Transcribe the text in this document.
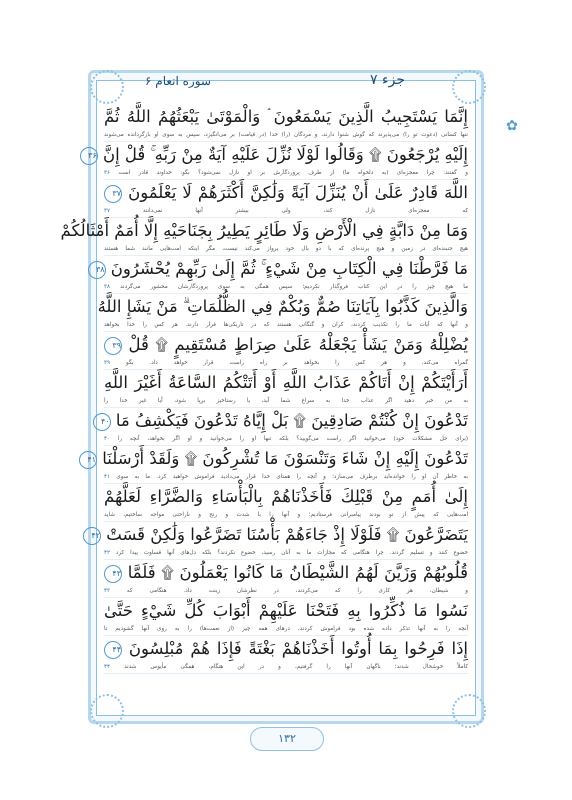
جزء ۷
سوره انعام ۶
✿
إِنَّمَا يَسْتَجِيبُ الَّذِينَ يَسْمَعُونَ ۘ وَالْمَوْتَىٰ يَبْعَثُهُمُ اللَّهُ ثُمَّ
تنها کسانی (دعوت تو را) می‌پذیرند که گوش شنوا دارند، و مردگان (را) خدا (در قیامت) بر می‌انگیزد، سپس به سوی او بازگردانده می‌شوند
إِلَيْهِ يُرْجَعُونَ ۩ وَقَالُوا لَوْلَا نُزِّلَ عَلَيْهِ آيَةٌ مِنْ رَبِّهِ ۚ قُلْ إِنَّ ۳۶
و گفتند: چرا معجزه‌ای (به دلخواه ما) از طرف پروردگارش بر او نازل نمی‌شود؟ بگو: خداوند قادر است ۳۶
اللَّهَ قَادِرٌ عَلَىٰ أَنْ يُنَزِّلَ آيَةً وَلَٰكِنَّ أَكْثَرَهُمْ لَا يَعْلَمُونَ ۳۷
که معجزه‌ای نازل کند، ولی بیشتر آنها نمی‌دانند ۳۷
وَمَا مِنْ دَابَّةٍ فِي الْأَرْضِ وَلَا طَائِرٍ يَطِيرُ بِجَنَاحَيْهِ إِلَّا أُمَمٌ أَمْثَالُكُمْ
هیچ جنبنده‌ای در زمین و هیچ پرنده‌ای که با دو بال خود پرواز می‌کند نیست، مگر اینکه امت‌هایی مانند شما هستند
مَا فَرَّطْنَا فِي الْكِتَابِ مِنْ شَيْءٍ ۚ ثُمَّ إِلَىٰ رَبِّهِمْ يُحْشَرُونَ ۳۸
ما هیچ چیز را در این کتاب فروگذار نکردیم؛ سپس همگی به سوی پروردگارشان محشور می‌گردند ۳۸
وَالَّذِينَ كَذَّبُوا بِآيَاتِنَا صُمٌّ وَبُكْمٌ فِي الظُّلُمَاتِ ۗ مَنْ يَشَإِ اللَّهُ
و آنها که آیات ما را تکذیب کردند، کران و گنگانی هستند که در تاریکی‌ها قرار دارند. هر کس را خدا بخواهد
يُضْلِلْهُ وَمَنْ يَشَأْ يَجْعَلْهُ عَلَىٰ صِرَاطٍ مُسْتَقِيمٍ ۩ قُلْ ۳۹
گمراه می‌کند، و هر کس را بخواهد بر راه راست قرار خواهد داد. بگو ۳۹
أَرَأَيْتَكُمْ إِنْ أَتَاكُمْ عَذَابُ اللَّهِ أَوْ أَتَتْكُمُ السَّاعَةُ أَغَيْرَ اللَّهِ
به من خبر دهید اگر عذاب خدا به سراغ شما آید، یا رستاخیز برپا شود، آیا غیر خدا را
تَدْعُونَ إِنْ كُنْتُمْ صَادِقِينَ ۩ بَلْ إِيَّاهُ تَدْعُونَ فَيَكْشِفُ مَا ۴۰
(برای حل مشکلات خود) می‌خوانید اگر راست می‌گویید؟ بلکه تنها او را می‌خوانید و او اگر بخواهد، آنچه را ۴۰
تَدْعُونَ إِلَيْهِ إِنْ شَاءَ وَتَنْسَوْنَ مَا تُشْرِكُونَ ۩ وَلَقَدْ أَرْسَلْنَا ۴۱
به خاطر آن او را خوانده‌اید برطرف می‌سازد؛ و آنچه را همتای خدا قرار می‌دادید فراموش خواهید کرد. ما به سوی ۴۱
إِلَىٰ أُمَمٍ مِنْ قَبْلِكَ فَأَخَذْنَاهُمْ بِالْبَأْسَاءِ وَالضَّرَّاءِ لَعَلَّهُمْ
امت‌هایی که پیش از تو بودند پیامبرانی فرستادیم؛ و آنها را با شدت و رنج و ناراحتی مواجه ساختیم، شاید
يَتَضَرَّعُونَ ۩ فَلَوْلَا إِذْ جَاءَهُمْ بَأْسُنَا تَضَرَّعُوا وَلَٰكِنْ قَسَتْ ۴۲
خضوع کنند و تسلیم گردند. چرا هنگامی که مجازات ما به آنان رسید، خضوع نکردند؟ بلکه دل‌های آنها قساوت پیدا کرد ۴۲
قُلُوبُهُمْ وَزَيَّنَ لَهُمُ الشَّيْطَانُ مَا كَانُوا يَعْمَلُونَ ۩ فَلَمَّا ۴۳
و شیطان، هر کاری را که می‌کردند، در نظرشان زینت داد. هنگامی که ۴۳
نَسُوا مَا ذُكِّرُوا بِهِ فَتَحْنَا عَلَيْهِمْ أَبْوَابَ كُلِّ شَيْءٍ حَتَّىٰ
آنچه را به آنها تذکر داده شده بود فراموش کردند، درهای همه چیز (از نعمت‌ها) را به روی آنها گشودیم تا
إِذَا فَرِحُوا بِمَا أُوتُوا أَخَذْنَاهُمْ بَغْتَةً فَإِذَا هُمْ مُبْلِسُونَ ۴۴
کاملاً خوشحال شدند؛ ناگهان آنها را گرفتیم، و در این هنگام، همگی مأیوس شدند ۴۴
۱۳۲
